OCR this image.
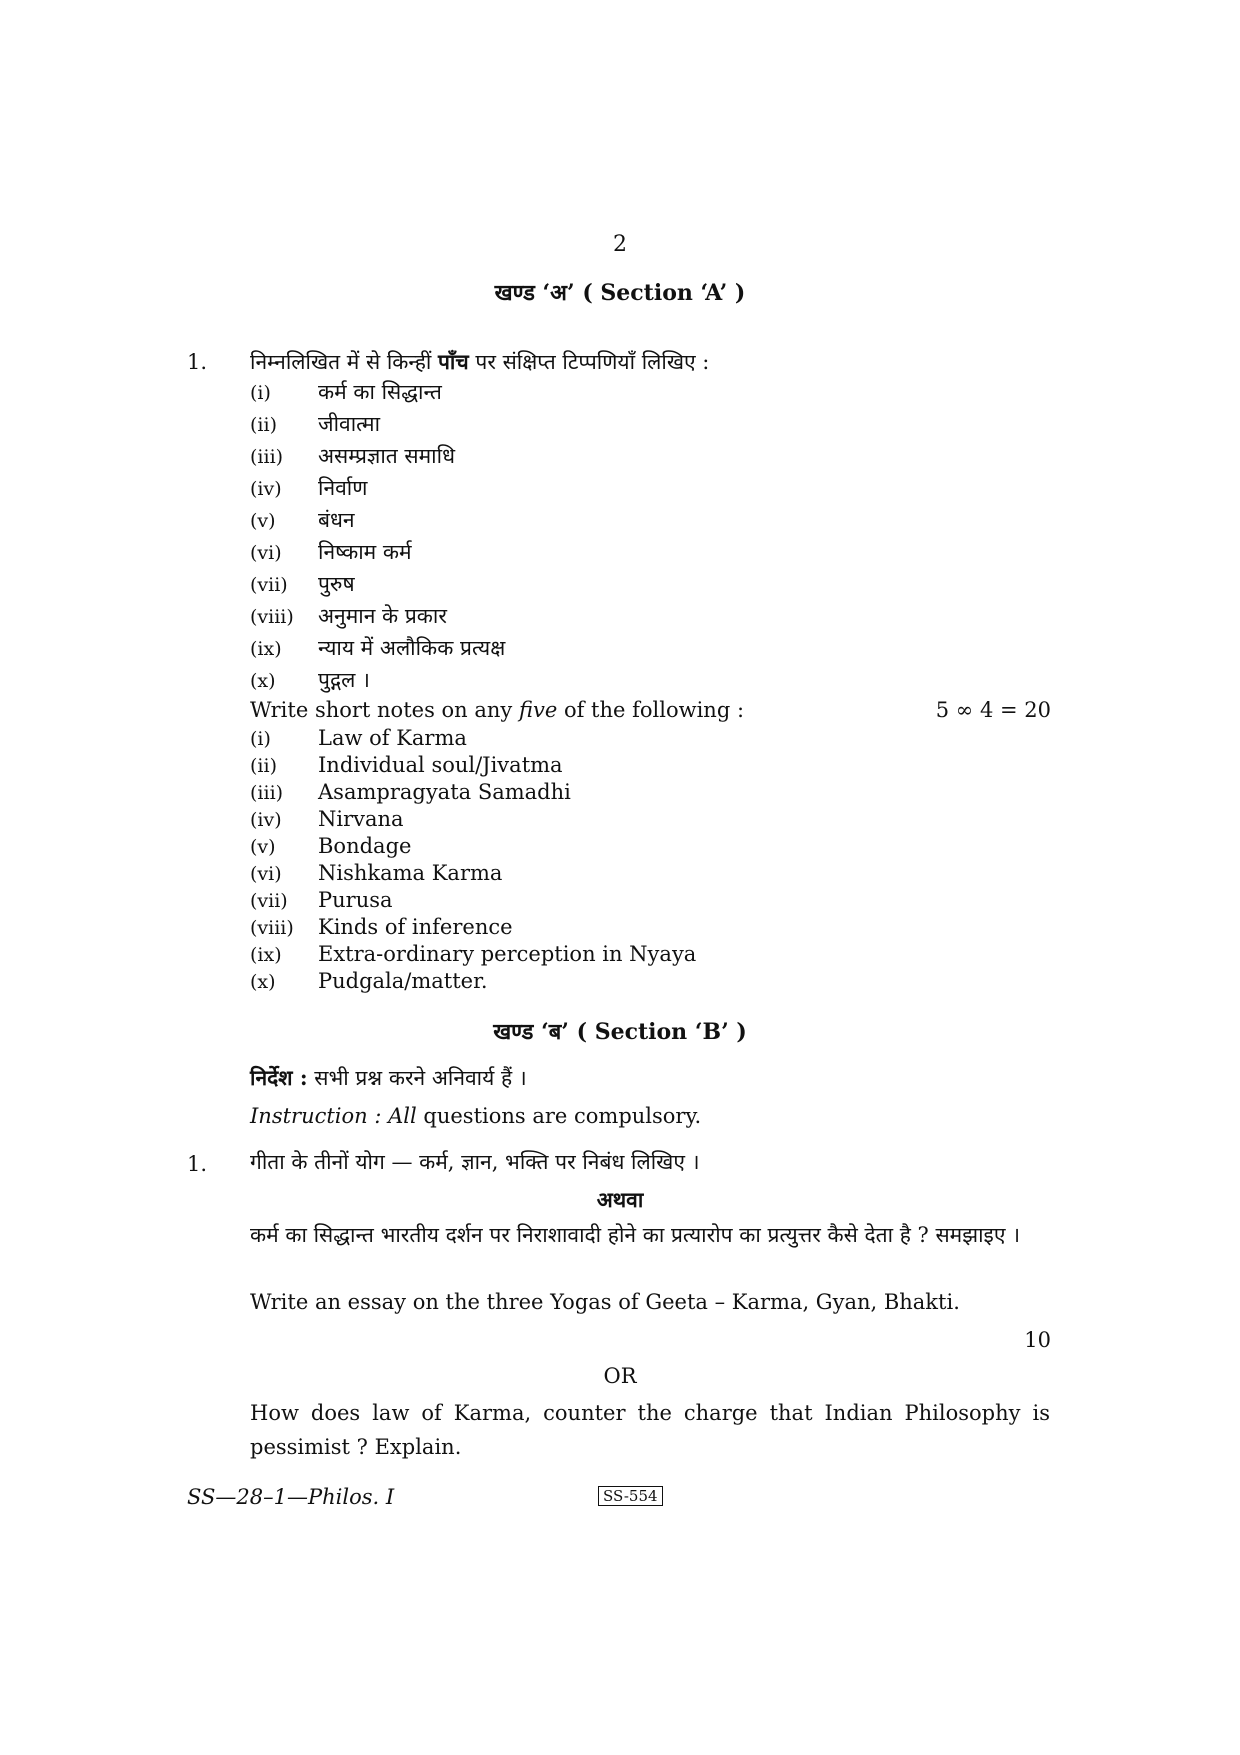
2
खण्ड ‘अ’ ( Section ‘A’ )
1. निम्नलिखित में से किन्हीं पाँच पर संक्षिप्त टिप्पणियाँ लिखिए :
(i) कर्म का सिद्धान्त
(ii) जीवात्मा
(iii) असम्प्रज्ञात समाधि
(iv) निर्वाण
(v) बंधन
(vi) निष्काम कर्म
(vii) पुरुष
(viii) अनुमान के प्रकार
(ix) न्याय में अलौकिक प्रत्यक्ष
(x) पुद्गल ।
Write short notes on any five of the following :	5 ∞ 4 = 20
(i) Law of Karma
(ii) Individual soul/Jivatma
(iii) Asampragyata Samadhi
(iv) Nirvana
(v) Bondage
(vi) Nishkama Karma
(vii) Purusa
(viii) Kinds of inference
(ix) Extra-ordinary perception in Nyaya
(x) Pudgala/matter.
खण्ड ‘ब’ ( Section ‘B’ )
निर्देश : सभी प्रश्न करने अनिवार्य हैं ।
Instruction : All questions are compulsory.
1. गीता के तीनों योग — कर्म, ज्ञान, भक्ति पर निबंध लिखिए ।
अथवा
कर्म का सिद्धान्त भारतीय दर्शन पर निराशावादी होने का प्रत्यारोप का प्रत्युत्तर कैसे देता है ? समझाइए ।
Write an essay on the three Yogas of Geeta – Karma, Gyan, Bhakti.
10
OR
How does law of Karma, counter the charge that Indian Philosophy is pessimist ? Explain.
SS—28–1—Philos. I	SS-554
